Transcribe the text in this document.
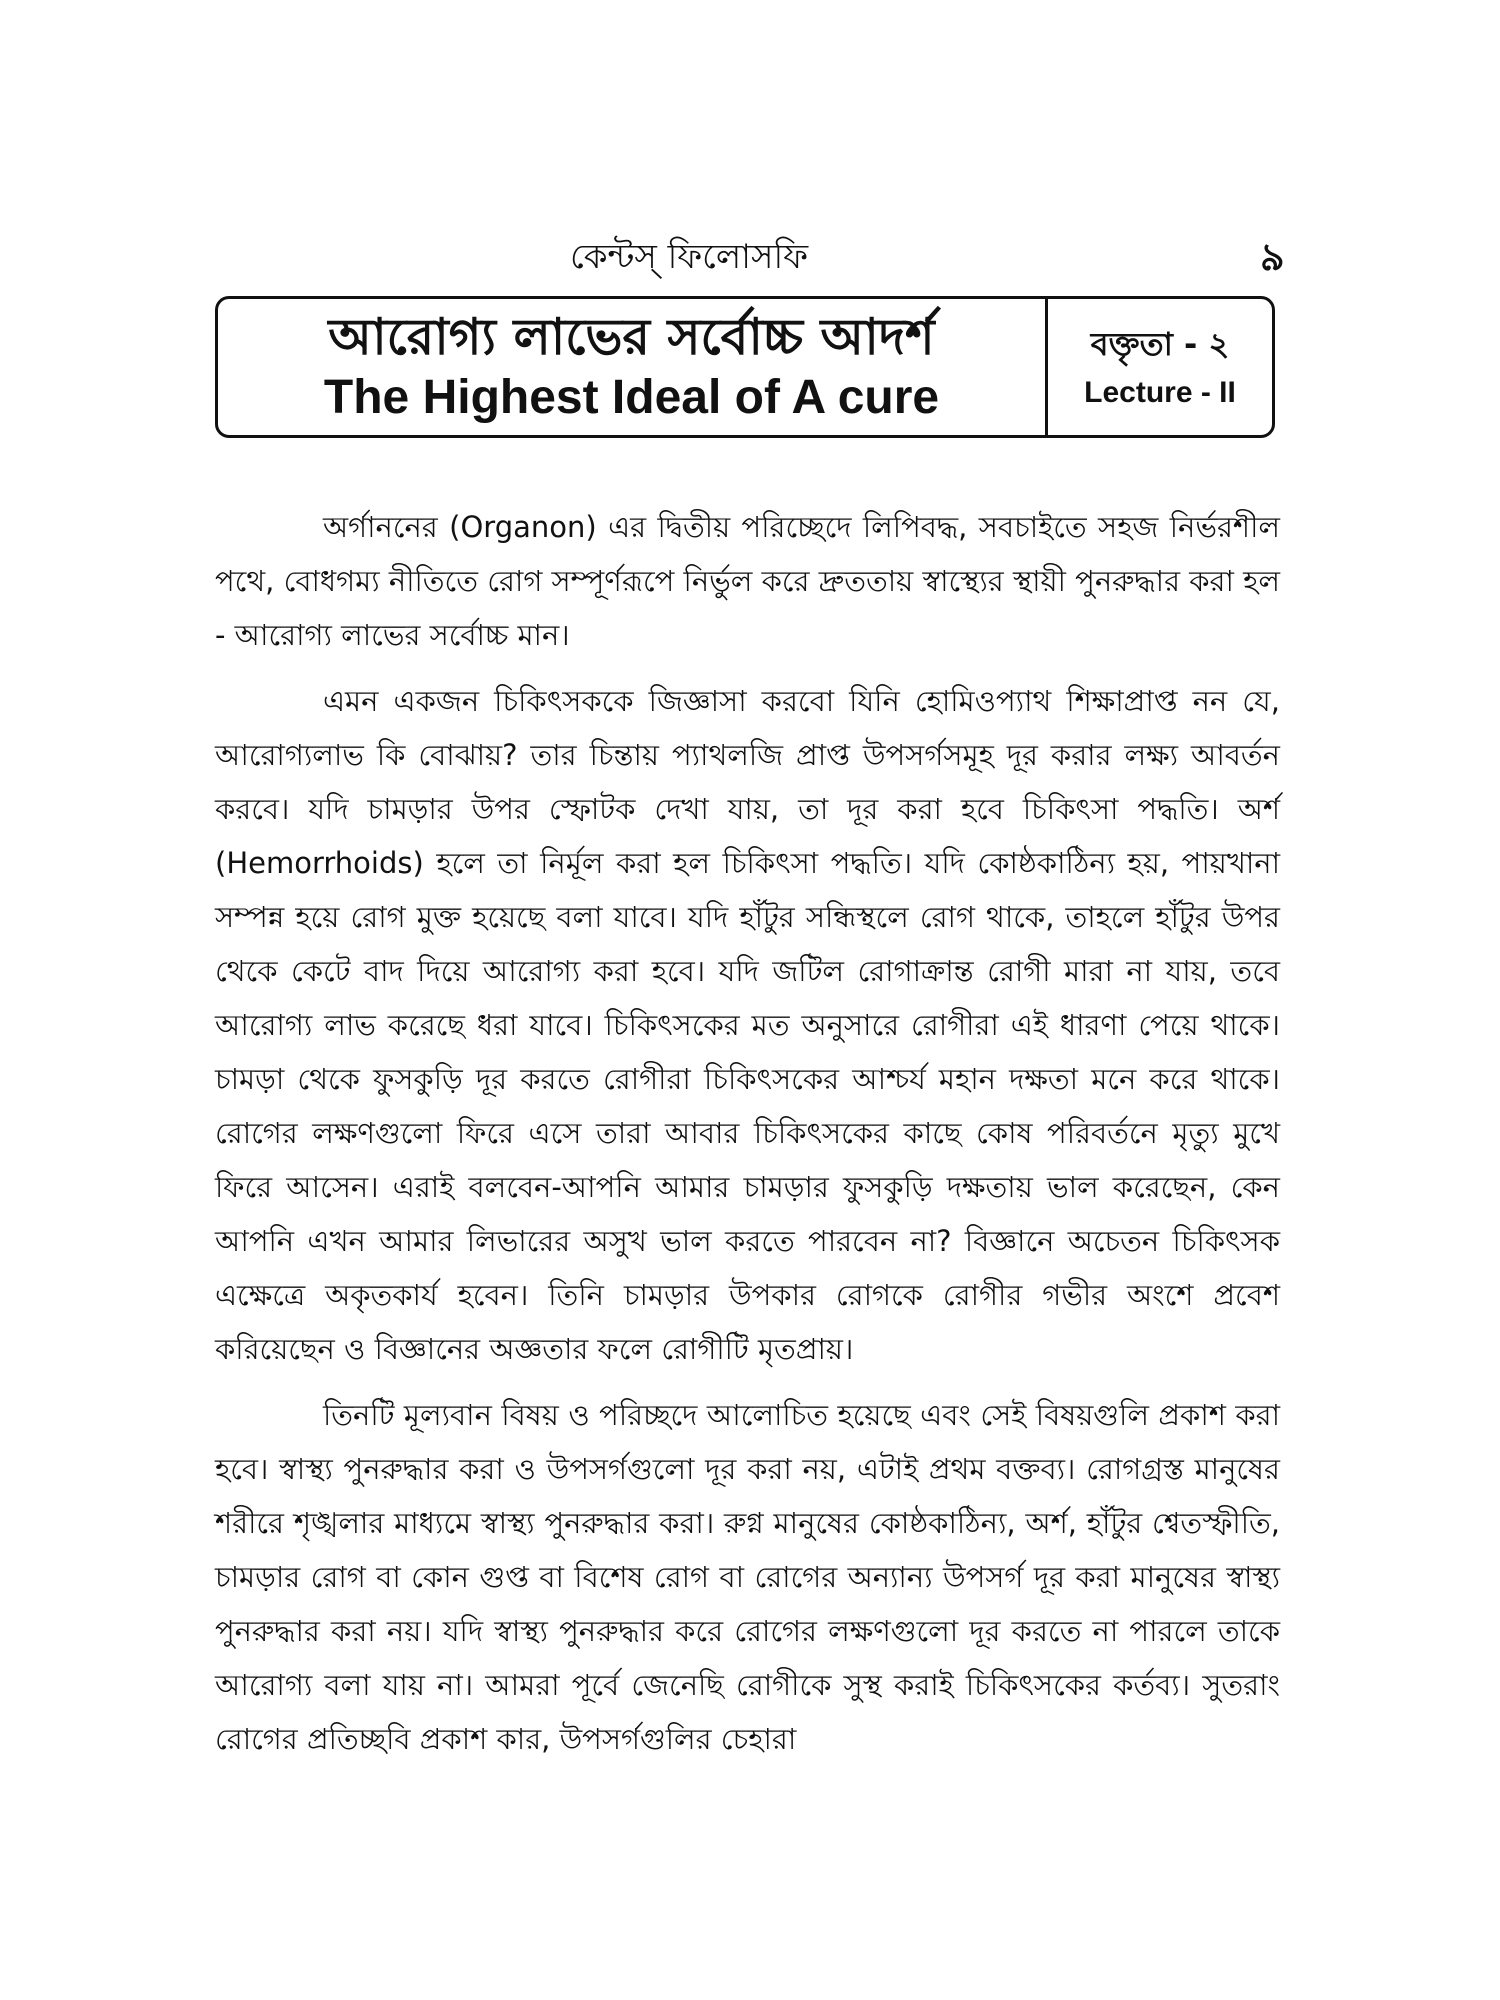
কেন্টস্ ফিলোসফি	৯
আরোগ্য লাভের সর্বোচ্চ আদর্শ
The Highest Ideal of A cure
বক্তৃতা - ২
Lecture - II

অর্গাননের (Organon) এর দ্বিতীয় পরিচ্ছেদে লিপিবদ্ধ, সবচাইতে সহজ নির্ভরশীল পথে, বোধগম্য নীতিতে রোগ সম্পূর্ণরূপে নির্ভুল করে দ্রুততায় স্বাস্থ্যের স্থায়ী পুনরুদ্ধার করা হল - আরোগ্য লাভের সর্বোচ্চ মান।

এমন একজন চিকিৎসককে জিজ্ঞাসা করবো যিনি হোমিওপ্যাথ শিক্ষাপ্রাপ্ত নন যে, আরোগ্যলাভ কি বোঝায়? তার চিন্তায় প্যাথলজি প্রাপ্ত উপসর্গসমূহ দূর করার লক্ষ্য আবর্তন করবে। যদি চামড়ার উপর স্ফোটক দেখা যায়, তা দূর করা হবে চিকিৎসা পদ্ধতি। অর্শ (Hemorrhoids) হলে তা নির্মূল করা হল চিকিৎসা পদ্ধতি। যদি কোষ্ঠকাঠিন্য হয়, পায়খানা সম্পন্ন হয়ে রোগ মুক্ত হয়েছে বলা যাবে। যদি হাঁটুর সন্ধিস্থলে রোগ থাকে, তাহলে হাঁটুর উপর থেকে কেটে বাদ দিয়ে আরোগ্য করা হবে। যদি জটিল রোগাক্রান্ত রোগী মারা না যায়, তবে আরোগ্য লাভ করেছে ধরা যাবে। চিকিৎসকের মত অনুসারে রোগীরা এই ধারণা পেয়ে থাকে। চামড়া থেকে ফুসকুড়ি দূর করতে রোগীরা চিকিৎসকের আশ্চর্য মহান দক্ষতা মনে করে থাকে। রোগের লক্ষণগুলো ফিরে এসে তারা আবার চিকিৎসকের কাছে কোষ পরিবর্তনে মৃত্যু মুখে ফিরে আসেন। এরাই বলবেন-আপনি আমার চামড়ার ফুসকুড়ি দক্ষতায় ভাল করেছেন, কেন আপনি এখন আমার লিভারের অসুখ ভাল করতে পারবেন না? বিজ্ঞানে অচেতন চিকিৎসক এক্ষেত্রে অকৃতকার্য হবেন। তিনি চামড়ার উপকার রোগকে রোগীর গভীর অংশে প্রবেশ করিয়েছেন ও বিজ্ঞানের অজ্ঞতার ফলে রোগীটি মৃতপ্রায়।

তিনটি মূল্যবান বিষয় ও পরিচ্ছদে আলোচিত হয়েছে এবং সেই বিষয়গুলি প্রকাশ করা হবে। স্বাস্থ্য পুনরুদ্ধার করা ও উপসর্গগুলো দূর করা নয়, এটাই প্রথম বক্তব্য। রোগগ্রস্ত মানুষের শরীরে শৃঙ্খলার মাধ্যমে স্বাস্থ্য পুনরুদ্ধার করা। রুগ্ন মানুষের কোষ্ঠকাঠিন্য, অর্শ, হাঁটুর শ্বেতস্ফীতি, চামড়ার রোগ বা কোন গুপ্ত বা বিশেষ রোগ বা রোগের অন্যান্য উপসর্গ দূর করা মানুষের স্বাস্থ্য পুনরুদ্ধার করা নয়। যদি স্বাস্থ্য পুনরুদ্ধার করে রোগের লক্ষণগুলো দূর করতে না পারলে তাকে আরোগ্য বলা যায় না। আমরা পূর্বে জেনেছি রোগীকে সুস্থ করাই চিকিৎসকের কর্তব্য। সুতরাং রোগের প্রতিচ্ছবি প্রকাশ কার, উপসর্গগুলির চেহারা
